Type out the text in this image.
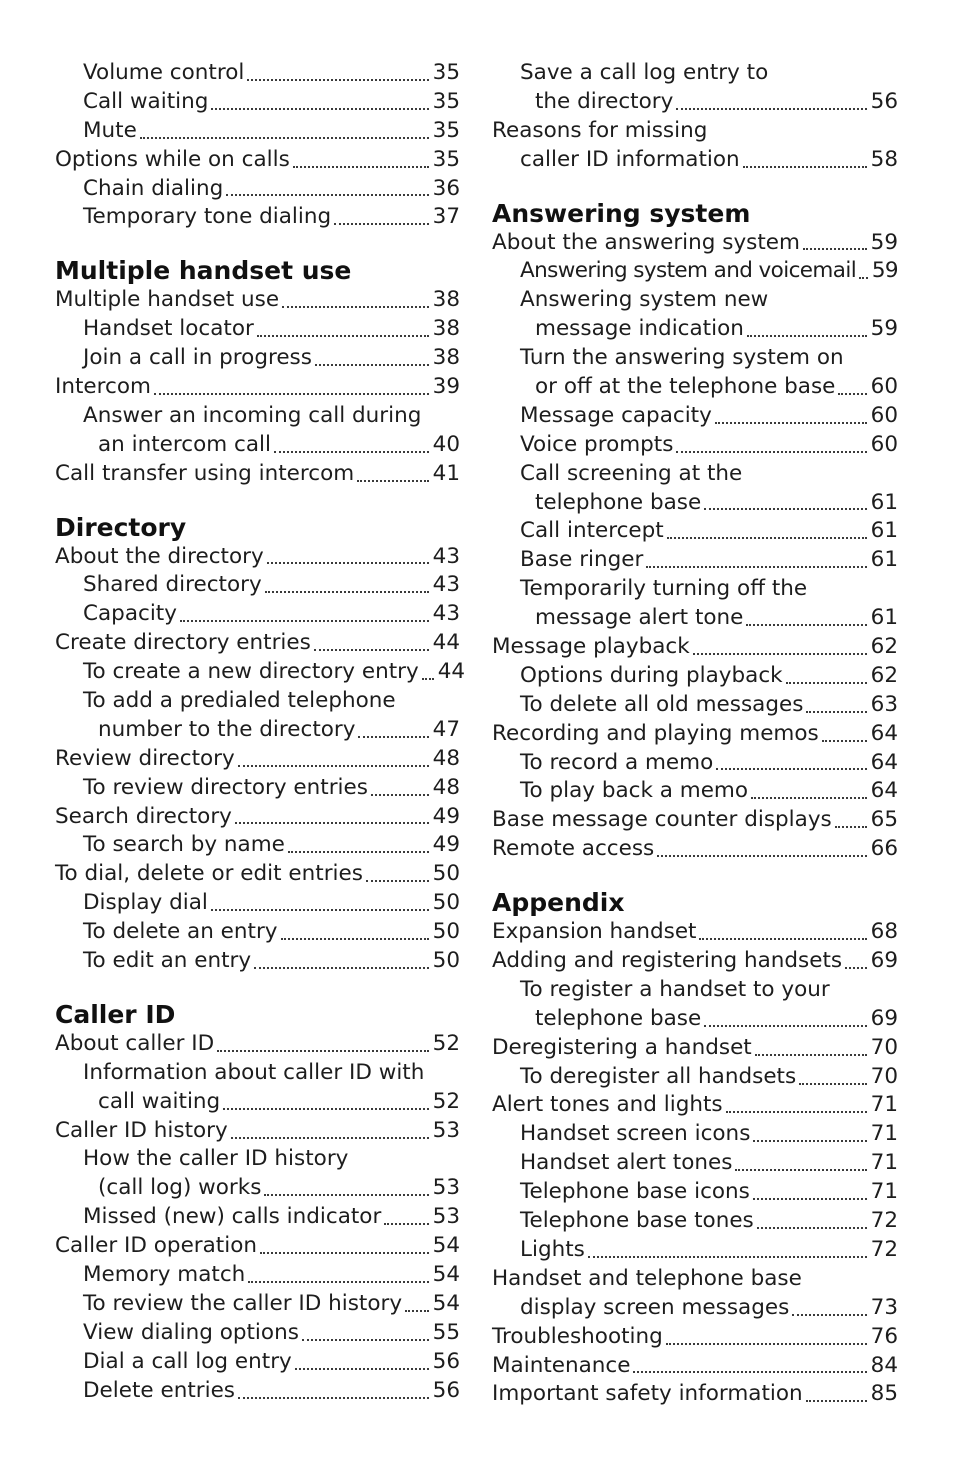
Volume control	35
Call waiting	35
Mute	35
Options while on calls	35
Chain dialing	36
Temporary tone dialing	37
Multiple handset use
Multiple handset use	38
Handset locator	38
Join a call in progress	38
Intercom	39
Answer an incoming call during
an intercom call	40
Call transfer using intercom	41
Directory
About the directory	43
Shared directory	43
Capacity	43
Create directory entries	44
To create a new directory entry 44
To add a predialed telephone
number to the directory	47
Review directory	48
To review directory entries	48
Search directory	49
To search by name	49
To dial, delete or edit entries	50
Display dial	50
To delete an entry	50
To edit an entry	50
Caller ID
About caller ID	52
Information about caller ID with
call waiting	52
Caller ID history	53
How the caller ID history
(call log) works	53
Missed (new) calls indicator 53
Caller ID operation	54
Memory match	54
To review the caller ID history 54
View dialing options	55
Dial a call log entry	56
Delete entries	56
Save a call log entry to
the directory	56
Reasons for missing
caller ID information	58
Answering system
About the answering system	59
Answering system and voicemail 59
Answering system new
message indication	59
Turn the answering system on
or off at the telephone base 60
Message capacity	60
Voice prompts	60
Call screening at the
telephone base	61
Call intercept	61
Base ringer	61
Temporarily turning off the
message alert tone	61
Message playback	62
Options during playback	62
To delete all old messages	63
Recording and playing memos 64
To record a memo	64
To play back a memo	64
Base message counter displays 65
Remote access	66
Appendix
Expansion handset	68
Adding and registering handsets 69
To register a handset to your
telephone base	69
Deregistering a handset	70
To deregister all handsets	70
Alert tones and lights	71
Handset screen icons	71
Handset alert tones	71
Telephone base icons	71
Telephone base tones	72
Lights	72
Handset and telephone base
display screen messages	73
Troubleshooting	76
Maintenance	84
Important safety information	85
